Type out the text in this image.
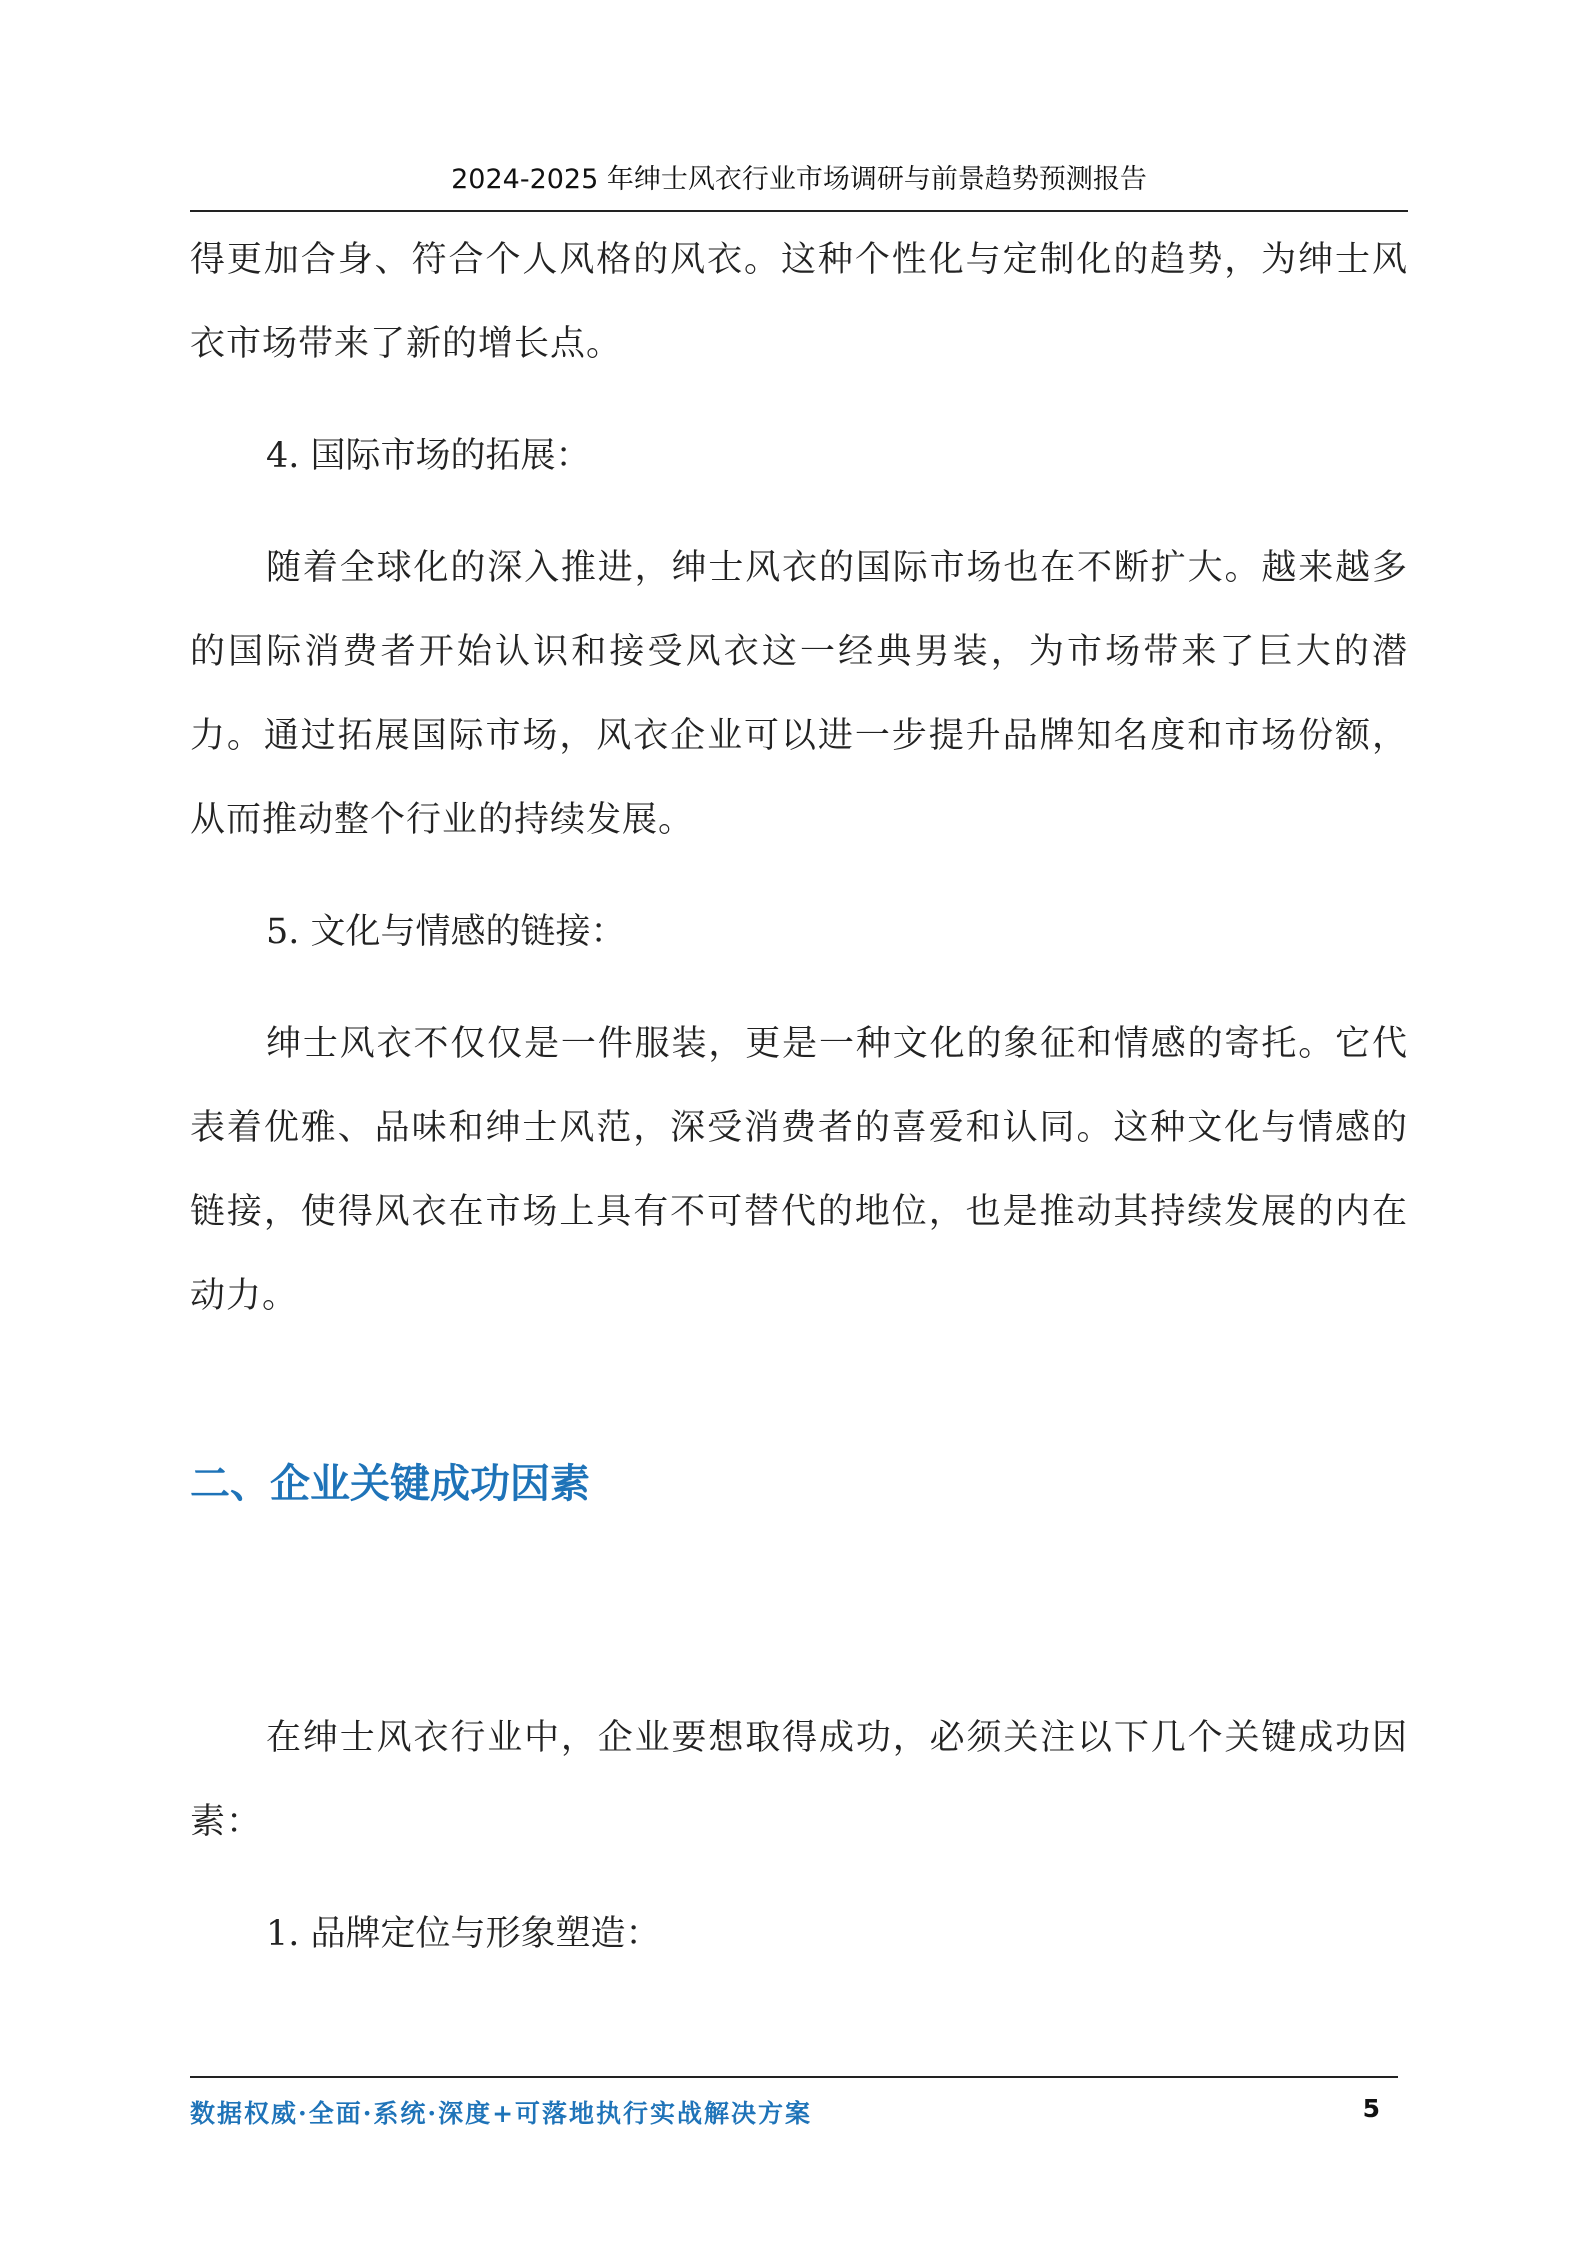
2024-2025 年绅士风衣行业市场调研与前景趋势预测报告

得更加合身、符合个人风格的风衣。这种个性化与定制化的趋势，为绅士风衣市场带来了新的增长点。

4. 国际市场的拓展：

随着全球化的深入推进，绅士风衣的国际市场也在不断扩大。越来越多的国际消费者开始认识和接受风衣这一经典男装，为市场带来了巨大的潜力。通过拓展国际市场，风衣企业可以进一步提升品牌知名度和市场份额，从而推动整个行业的持续发展。

5. 文化与情感的链接：

绅士风衣不仅仅是一件服装，更是一种文化的象征和情感的寄托。它代表着优雅、品味和绅士风范，深受消费者的喜爱和认同。这种文化与情感的链接，使得风衣在市场上具有不可替代的地位，也是推动其持续发展的内在动力。

二、企业关键成功因素

在绅士风衣行业中，企业要想取得成功，必须关注以下几个关键成功因素：

1. 品牌定位与形象塑造：

数据权威·全面·系统·深度+可落地执行实战解决方案	5
